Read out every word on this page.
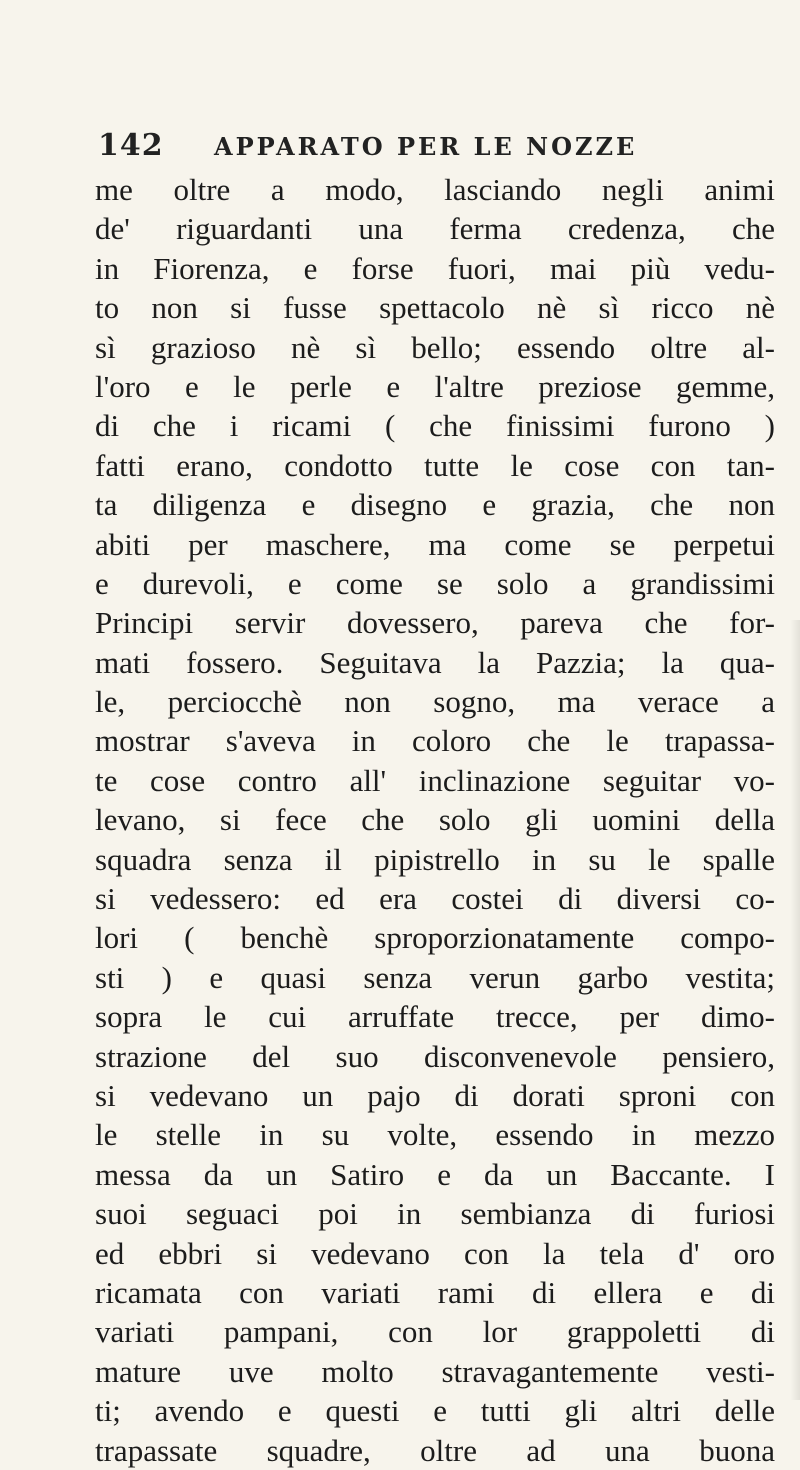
142 APPARATO PER LE NOZZE
me oltre a modo, lasciando negli animi
de' riguardanti una ferma credenza, che
in Fiorenza, e forse fuori, mai più vedu-
to non si fusse spettacolo nè sì ricco nè
sì grazioso nè sì bello; essendo oltre al-
l'oro e le perle e l'altre preziose gemme,
di che i ricami ( che finissimi furono )
fatti erano, condotto tutte le cose con tan-
ta diligenza e disegno e grazia, che non
abiti per maschere, ma come se perpetui
e durevoli, e come se solo a grandissimi
Principi servir dovessero, pareva che for-
mati fossero. Seguitava la Pazzia; la qua-
le, perciocchè non sogno, ma verace a
mostrar s'aveva in coloro che le trapassa-
te cose contro all' inclinazione seguitar vo-
levano, si fece che solo gli uomini della
squadra senza il pipistrello in su le spalle
si vedessero: ed era costei di diversi co-
lori ( benchè sproporzionatamente compo-
sti ) e quasi senza verun garbo vestita;
sopra le cui arruffate trecce, per dimo-
strazione del suo disconvenevole pensiero,
si vedevano un pajo di dorati sproni con
le stelle in su volte, essendo in mezzo
messa da un Satiro e da un Baccante. I
suoi seguaci poi in sembianza di furiosi
ed ebbri si vedevano con la tela d' oro
ricamata con variati rami di ellera e di
variati pampani, con lor grappoletti di
mature uve molto stravagantemente vesti-
ti; avendo e questi e tutti gli altri delle
trapassate squadre, oltre ad una buona
